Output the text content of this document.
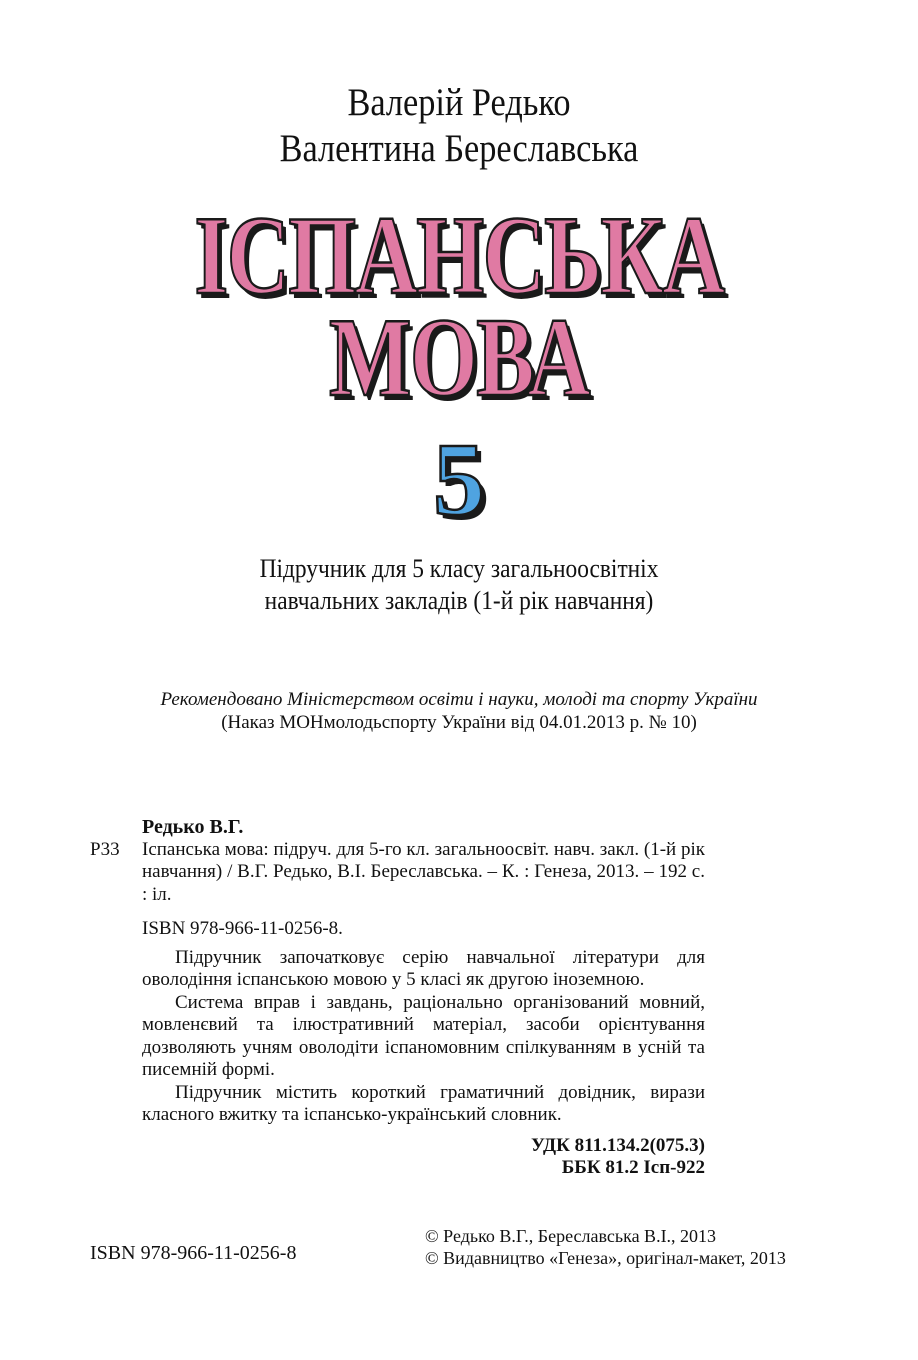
Валерій Редько
Валентина Береславська
ІСПАНСЬКА
МОВА
5
Підручник для 5 класу загальноосвітніх
навчальних закладів (1-й рік навчання)
Рекомендовано Міністерством освіти і науки, молоді та спорту України
(Наказ МОНмолодьспорту України від 04.01.2013 р. № 10)
Редько В.Г.
Р33	Іспанська мова: підруч. для 5-го кл. загальноосвіт. навч. закл. (1-й рік навчання) / В.Г. Редько, В.І. Береславська. – К. : Генеза, 2013. – 192 с. : іл.
ISBN 978-966-11-0256-8.

Підручник започатковує серію навчальної літератури для оволодіння іспанською мовою у 5 класі як другою іноземною.

Система вправ і завдань, раціонально організований мовний, мовленєвий та ілюстративний матеріал, засоби орієнтування дозволяють учням оволодіти іспаномовним спілкуванням в усній та писемній формі.

Підручник містить короткий граматичний довідник, вирази класного вжитку та іспансько-український словник.

УДК 811.134.2(075.3)
ББК 81.2 Ісп-922
ISBN 978-966-11-0256-8
© Редько В.Г., Береславська В.І., 2013
© Видавництво «Генеза», оригінал-макет, 2013
